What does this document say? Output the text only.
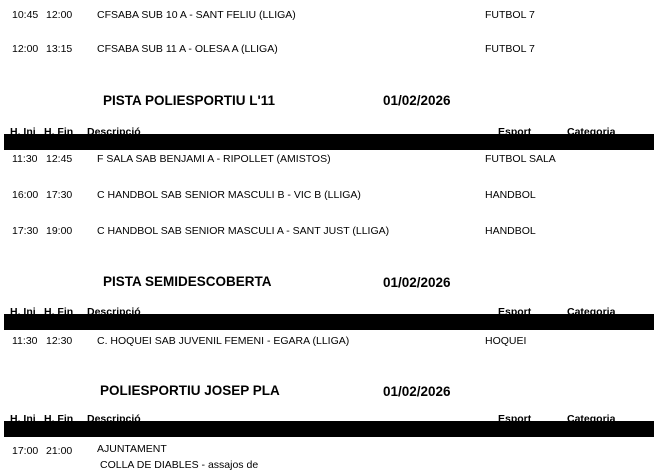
10:45 12:00 CFSABA SUB 10 A - SANT FELIU (LLIGA)	FUTBOL 7
12:00 13:15 CFSABA SUB 11 A - OLESA A (LLIGA)	FUTBOL 7
PISTA POLIESPORTIU L'11	01/02/2026
H. Ini H. Fin Descripció	Esport	Categoria
11:30 12:45 F SALA SAB BENJAMI A - RIPOLLET (AMISTOS)	FUTBOL SALA
16:00 17:30 C HANDBOL SAB SENIOR MASCULI B - VIC B (LLIGA)	HANDBOL
17:30 19:00 C HANDBOL SAB SENIOR MASCULI A - SANT JUST (LLIGA)	HANDBOL
PISTA SEMIDESCOBERTA	01/02/2026
H. Ini H. Fin Descripció	Esport	Categoria
11:30 12:30 C. HOQUEI SAB JUVENIL FEMENI - EGARA (LLIGA)	HOQUEI
POLIESPORTIU JOSEP PLA	01/02/2026
H. Ini H. Fin Descripció	Esport	Categoria
17:00 21:00 AJUNTAMENT
COLLA DE DIABLES - assajos de
